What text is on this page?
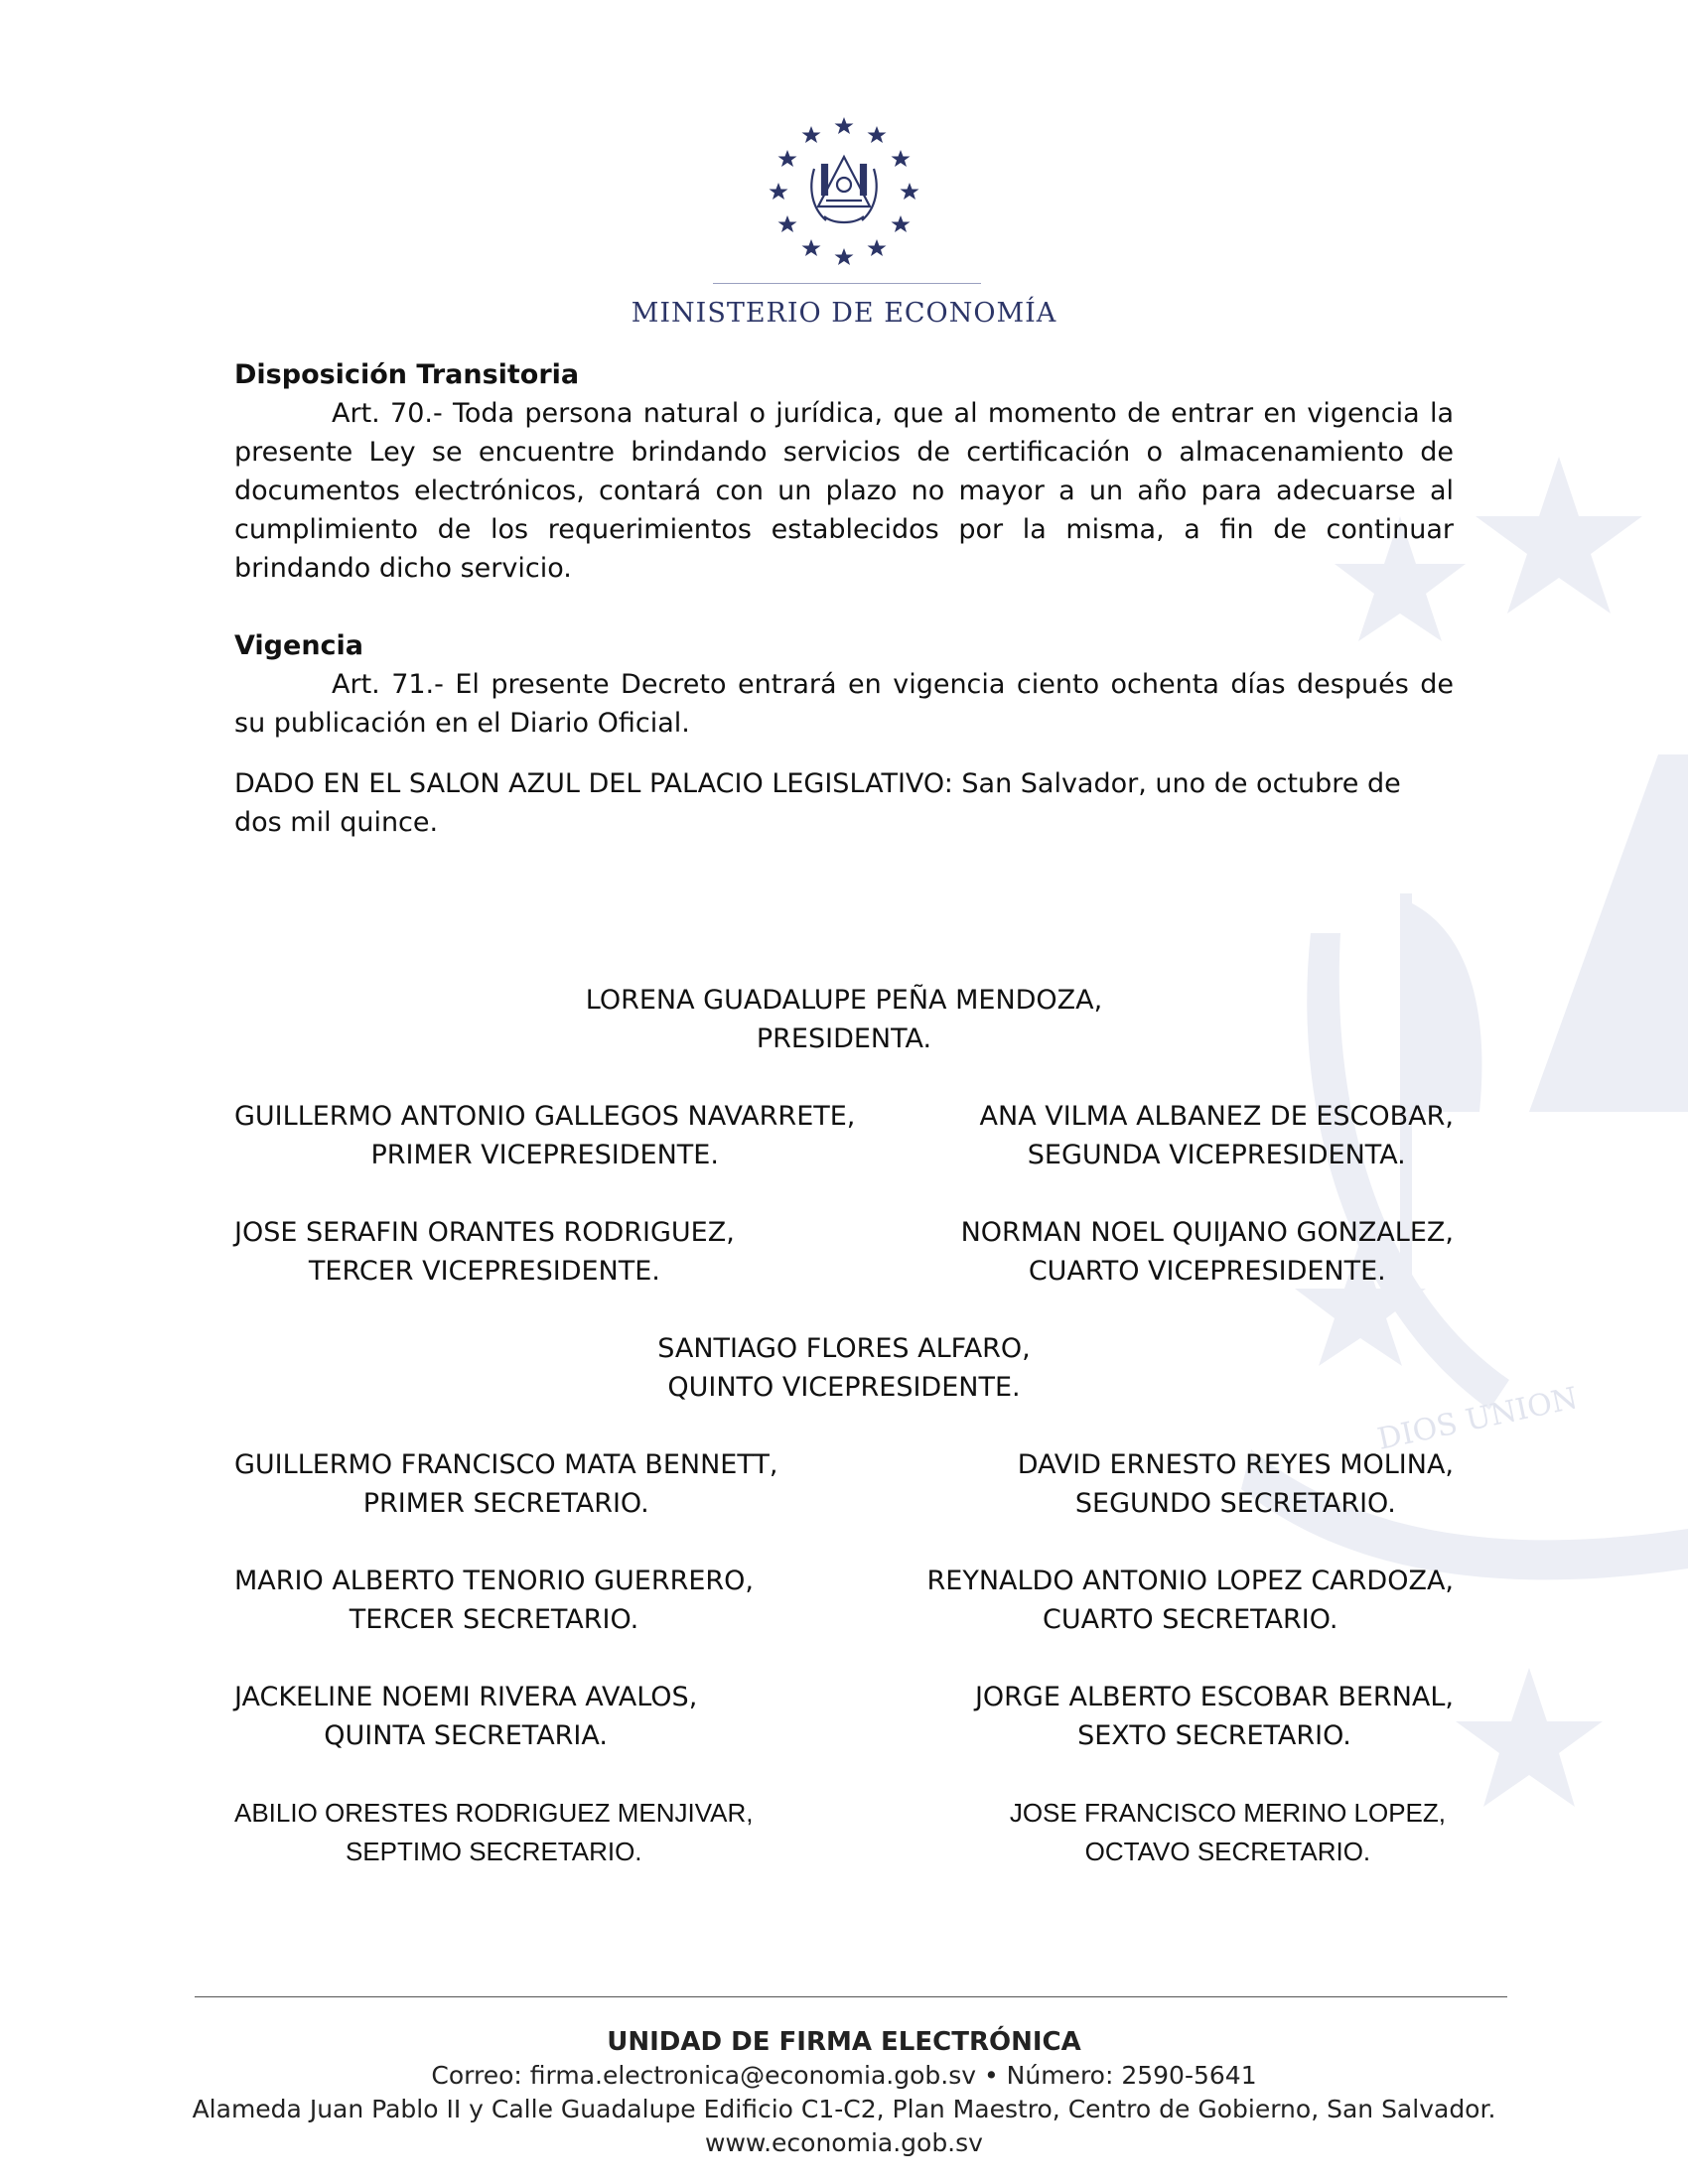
DIOS UNION
MINISTERIO DE ECONOMÍA

Disposición Transitoria

Art. 70.- Toda persona natural o jurídica, que al momento de entrar en vigencia la presente Ley se encuentre brindando servicios de certificación o almacenamiento de documentos electrónicos, contará con un plazo no mayor a un año para adecuarse al cumplimiento de los requerimientos establecidos por la misma, a fin de continuar brindando dicho servicio.

Vigencia

Art. 71.- El presente Decreto entrará en vigencia ciento ochenta días después de su publicación en el Diario Oficial.

DADO EN EL SALON AZUL DEL PALACIO LEGISLATIVO: San Salvador, uno de octubre de dos mil quince.

LORENA GUADALUPE PEÑA MENDOZA,
PRESIDENTA.
GUILLERMO ANTONIO GALLEGOS NAVARRETE,
PRIMER VICEPRESIDENTE.
ANA VILMA ALBANEZ DE ESCOBAR,
SEGUNDA VICEPRESIDENTA.
JOSE SERAFIN ORANTES RODRIGUEZ,
TERCER VICEPRESIDENTE.
NORMAN NOEL QUIJANO GONZALEZ,
CUARTO VICEPRESIDENTE.
SANTIAGO FLORES ALFARO,
QUINTO VICEPRESIDENTE.
GUILLERMO FRANCISCO MATA BENNETT,
PRIMER SECRETARIO.
DAVID ERNESTO REYES MOLINA,
SEGUNDO SECRETARIO.
MARIO ALBERTO TENORIO GUERRERO,
TERCER SECRETARIO.
REYNALDO ANTONIO LOPEZ CARDOZA,
CUARTO SECRETARIO.
JACKELINE NOEMI RIVERA AVALOS,
QUINTA SECRETARIA.
JORGE ALBERTO ESCOBAR BERNAL,
SEXTO SECRETARIO.
ABILIO ORESTES RODRIGUEZ MENJIVAR,
SEPTIMO SECRETARIO.
JOSE FRANCISCO MERINO LOPEZ,
OCTAVO SECRETARIO.
UNIDAD DE FIRMA ELECTRÓNICA
Correo: firma.electronica@economia.gob.sv • Número: 2590-5641
Alameda Juan Pablo II y Calle Guadalupe Edificio C1-C2, Plan Maestro, Centro de Gobierno, San Salvador.
www.economia.gob.sv
